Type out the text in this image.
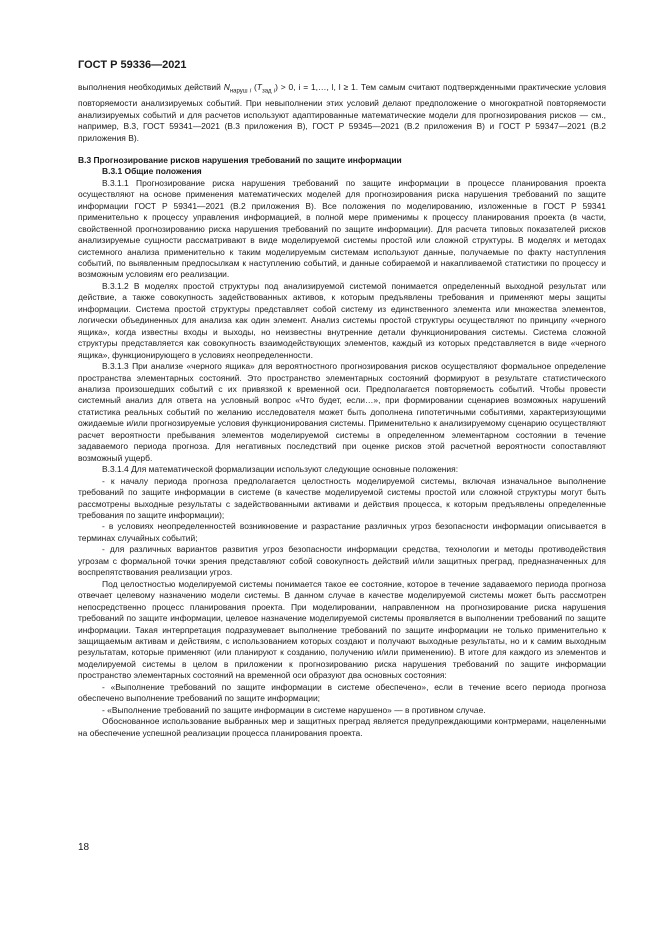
ГОСТ Р 59336—2021

выполнения необходимых действий $N_{наруш i}$ $(T_{зад i}) > 0$, i = 1,…, l, l ≥ 1. Тем самым считают подтвержденными практические условия повторяемости анализируемых событий. При невыполнении этих условий делают предположение о многократной повторяемости анализируемых событий и для расчетов используют адаптированные математические модели для прогнозирования рисков — см., например, В.3, ГОСТ 59341—2021 (В.3 приложения В), ГОСТ Р 59345—2021 (В.2 приложения В) и ГОСТ Р 59347—2021 (В.2 приложения В).

В.3 Прогнозирование рисков нарушения требований по защите информации
В.3.1 Общие положения

В.3.1.1 Прогнозирование риска нарушения требований по защите информации в процессе планирования проекта осуществляют на основе применения математических моделей для прогнозирования риска нарушения требований по защите информации ГОСТ Р 59341—2021 (В.2 приложения В). Все положения по моделированию, изложенные в ГОСТ Р 59341 применительно к процессу управления информацией, в полной мере применимы к процессу планирования проекта (в части, свойственной прогнозированию риска нарушения требований по защите информации). Для расчета типовых показателей рисков анализируемые сущности рассматривают в виде моделируемой системы простой или сложной структуры. В моделях и методах системного анализа применительно к таким моделируемым системам используют данные, получаемые по факту наступления событий, по выявленным предпосылкам к наступлению событий, и данные собираемой и накапливаемой статистики по процессу и возможным условиям его реализации.

В.3.1.2 В моделях простой структуры под анализируемой системой понимается определенный выходной результат или действие, а также совокупность задействованных активов, к которым предъявлены требования и применяют меры защиты информации. Система простой структуры представляет собой систему из единственного элемента или множества элементов, логически объединенных для анализа как один элемент. Анализ системы простой структуры осуществляют по принципу «черного ящика», когда известны входы и выходы, но неизвестны внутренние детали функционирования системы. Система сложной структуры представляется как совокупность взаимодействующих элементов, каждый из которых представляется в виде «черного ящика», функционирующего в условиях неопределенности.

В.3.1.3 При анализе «черного ящика» для вероятностного прогнозирования рисков осуществляют формальное определение пространства элементарных состояний. Это пространство элементарных состояний формируют в результате статистического анализа произошедших событий с их привязкой к временной оси. Предполагается повторяемость событий. Чтобы провести системный анализ для ответа на условный вопрос «Что будет, если…», при формировании сценариев возможных нарушений статистика реальных событий по желанию исследователя может быть дополнена гипотетичными событиями, характеризующими ожидаемые и/или прогнозируемые условия функционирования системы. Применительно к анализируемому сценарию осуществляют расчет вероятности пребывания элементов моделируемой системы в определенном элементарном состоянии в течение задаваемого периода прогноза. Для негативных последствий при оценке рисков этой расчетной вероятности сопоставляют возможный ущерб.

В.3.1.4 Для математической формализации используют следующие основные положения:

- к началу периода прогноза предполагается целостность моделируемой системы, включая изначальное выполнение требований по защите информации в системе (в качестве моделируемой системы простой или сложной структуры могут быть рассмотрены выходные результаты с задействованными активами и действия процесса, к которым предъявлены определенные требования по защите информации);

- в условиях неопределенностей возникновение и разрастание различных угроз безопасности информации описывается в терминах случайных событий;

- для различных вариантов развития угроз безопасности информации средства, технологии и методы противодействия угрозам с формальной точки зрения представляют собой совокупность действий и/или защитных преград, предназначенных для воспрепятствования реализации угроз.

Под целостностью моделируемой системы понимается такое ее состояние, которое в течение задаваемого периода прогноза отвечает целевому назначению модели системы. В данном случае в качестве моделируемой системы может быть рассмотрен непосредственно процесс планирования проекта. При моделировании, направленном на прогнозирование риска нарушения требований по защите информации, целевое назначение моделируемой системы проявляется в выполнении требований по защите информации. Такая интерпретация подразумевает выполнение требований по защите информации не только применительно к защищаемым активам и действиям, с использованием которых создают и получают выходные результаты, но и к самим выходным результатам, которые применяют (или планируют к созданию, получению и/или применению). В итоге для каждого из элементов и моделируемой системы в целом в приложении к прогнозированию риска нарушения требований по защите информации пространство элементарных состояний на временной оси образуют два основных состояния:

- «Выполнение требований по защите информации в системе обеспечено», если в течение всего периода прогноза обеспечено выполнение требований по защите информации;

- «Выполнение требований по защите информации в системе нарушено» — в противном случае.

Обоснованное использование выбранных мер и защитных преград является предупреждающими контрмерами, нацеленными на обеспечение успешной реализации процесса планирования проекта.

18
